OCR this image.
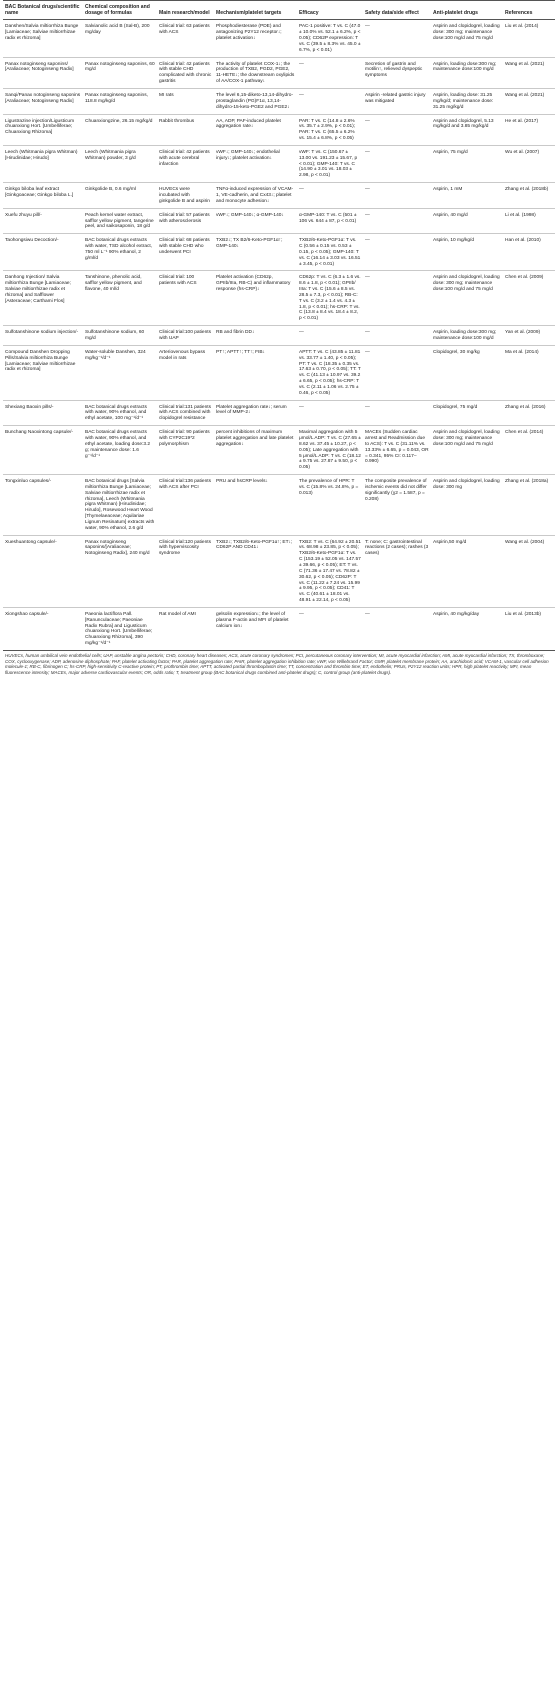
BAC Botanical drugs/scientific name	Chemical composition and dosage of formulas	Main research/model	Mechanism/platelet targets	Efficacy	Safety data/side effect	Anti-platelet drugs	References
Danshen/Salvia miltiorrhiza Bunge [Lamiaceae; Salviae miltiorrhizae radix et rhizoma]	Salvianolic acid B (Sal-B), 200 mg/day	Clinical trial: 63 patients with ACS	Phosphodiesterase (PDE) and antagonizing P2Y12 receptor↓; platelet activation↓	PAC-1 positive: T vs. C (47.0 ± 10.0% vs. 52.1 ± 6.2%, p < 0.05); CD62P expression: T vs. C (39.5 ± 8.3% vs. 45.0 ± 6.7%, p < 0.01)	—	Aspirin and clopidogrel, loading dose: 300 mg; maintenance dose:100 mg/d and 75 mg/d	Liu et al. (2014)
Panax notoginseng saponins/ [Araliaceae; Notoginseng Radix]	Panax notoginseng saponins, 60 mg/d	Clinical trial: 42 patients with stable CHD complicated with chronic gastritis	The activity of platelet COX-1↓; the production of TXB2, PGD2, PGE2, 11-HETE↓; the downstream oxylipids of AA/COX-1 pathway↓	—	Secretion of gastrin and motilin↑, relieved dyspeptic symptoms	Aspirin, loading dose:300 mg; maintenance dose:100 mg/d	Wang et al. (2021)
Sanqi/Panax notoginseng saponins [Araliaceae; Notoginseng Radix]	Panax notoginseng saponins, 118.8 mg/kg/d	MI rats	The level 6,15-diketo-13,14-dihydro-prostaglandin (PG)F1α, 13,14-dihydro-15-keto-PGE2 and PGE2↓	—	Aspirin -related gastric injury was mitigated	Aspirin, loading dose: 31.25 mg/kg/d; maintenance dose: 31.25 mg/kg/d	Wang et al. (2021)
Ligustrazine injection/Ligusticum chuanxiong Hort. [Umbelliferae; Chuanxiong Rhizoma]	Chuanxiongzine, 26.15 mg/kg/d	Rabbit thrombus	AA, ADP, PAF-induced platelet aggregation rate↓	PAR: T vs. C (14.8 ± 2.6% vs. 35.7 ± 2.9%, p < 0.01); PAR: T vs. C (65.5 ± 6.2% vs. 15.4 ± 6.8%, p < 0.05)	—	Aspirin and clopidogrel, 5.13 mg/kg/d and 3.85 mg/kg/d	He et al. (2017)
Leech (Whitmania pigra Whitman) [Hirudinidae; Hirudo]	Leech (Whitmania pigra Whitman) powder, 3 g/d	Clinical trial: 42 patients with acute cerebral infarction	vWF↓; GMP-140↓; endothelial injury↓; platelet activation↓	vWF: T vs. C (150.67 ± 13.00 vs. 191.23 ± 15.67, p < 0.01); GMP-140: T vs. C (14.90 ± 3.01 vs. 18.03 ± 2.98, p < 0.01)	—	Aspirin, 75 mg/d	Wu et al. (2007)
Ginkgo biloba leaf extract [Ginkgoaceae; Ginkgo biloba L.]	Ginkgolide B, 0.6 mg/ml	HUVECs were incubated with ginkgolide B and aspirin	TNFα-induced expression of VCAM-1, VE-cadherin, and Cx43↓; platelet and monocyte adhesion↓	—	—	Aspirin, 1 mM	Zhang et al. (2018b)
Xuefu zhuyu pill/-	Peach kernel water extract, safflor yellow pigment, tangerine peel, and saikosaponin, 18 g/d	Clinical trial: 57 patients with atherosclerosis	vWF↓; GMP-140↓; α-GMP-140↓	α-GMP-140: T vs. C (501 ± 106 vs. 644 ± 87, p < 0.01)	—	Aspirin, 40 mg/d	Li et al. (1998)
Taohongsiwu Decoction/-	BAC botanical drugs extracts with water, TSD alcohol extract, 750 ml L⁻¹ 90% ethanol, 2 g/ml/d	Clinical trial: 68 patients with stable CHD who underwent PCI	TXB2↓; TX B2/6-Keto-PGF1α↑; GMP-140↓	TXB2/6-Keto-PGF1α: T vs. C (0.56 ± 0.15 vs. 0.53 ± 0.15, p < 0.05); GMP-140: T vs. C (16.14 ± 3.03 vs. 16.51 ± 3.45, p < 0.01)	—	Aspirin, 10 mg/kg/d	Han et al. (2010)
Danhong Injection/ Salvia miltiorrhiza Bunge [Lamiaceae; Salviae miltiorrhizae radix et rhizoma] and Safflower [Asteraceae; Carthami Flos]	Tanshinone, phenolic acid, safflor yellow pigment, and flavone, 40 ml/d	Clinical trial: 100 patients with ACS	Platelet activation (CD62p, GPIIb/IIIa, RB-C) and inflammatory response (hs-CRP)↓	CD62p: T vs. C (6.3 ± 1.6 vs. 8.6 ± 1.8, p < 0.01); GPIIb/ IIIa: T vs. C (15.6 ± 8.5 vs. 28.5 ± 7.3, p < 0.01); RB-C: T vs. C (3.2 ± 1.4 vs. 4.3 ± 1.8, p < 0.01); hs-CRP: T vs. C (13.8 ± 8.4 vs. 18.4 ± 8.2, p < 0.01)	—	Aspirin and clopidogrel, loading dose: 300 mg; maintenance dose:100 mg/d and 75 mg/d	Chen et al. (2009)
Sulfotanshinone sodium injection/-	Sulfotanshinone sodium, 60 mg/d	Clinical trial:100 patients with UAP	RB and fibrin DD↓	—	—	Aspirin, loading dose:300 mg; maintenance dose:100 mg/d	Yan et al. (2009)
Compound Danshen Dropping Pills/Salvia miltiorrhiza Bunge [Lamiaceae; Salviae miltiorrhizae radix et rhizoma]	Water-soluble Danshen, 324 mg/kg⁻¹/d⁻¹	Arteriovenous bypass model in rats	PT↑; APTT↑; TT↑; FIB↓	APTT: T vs. C (43.85 ± 11.81 vs. 33.77 ± 1.40, p < 0.05); PT: T vs. C (18.35 ± 0.35 vs. 17.63 ± 0.70, p < 0.05); TT: T vs. C (41.13 ± 10.97 vs. 39.2 ± 6.65, p < 0.05); hs-CRP: T vs. C (2.11 ± 1.06 vs. 2.75 ± 0.46, p < 0.05)	—	Clopidogrel, 30 mg/kg	Ma et al. (2014)
Shexiang Baoxin pills/-	BAC botanical drugs extracts with water, 90% ethanol, and ethyl acetate, 100 mg⁻¹/d⁻¹	Clinical trial:131 patients with ACS combined with clopidogrel resistance	Platelet aggregation rate↓; serum level of MMP-2↓	—	—	Clopidogrel, 75 mg/d	Zhang et al. (2016)
Bunchang Naoxintong capsule/-	BAC botanical drugs extracts with water, 90% ethanol, and ethyl acetate, loading dose:3.2 g; maintenance dose: 1.6 g⁻¹/d⁻¹	Clinical trial: 90 patients with CYP2C19*2 polymorphism	percent inhibitions of maximum platelet aggregation and late platelet aggregation↓	Maximal aggregation with 5 μmol/L ADP: T vs. C (27.65 ± 8.62 vs. 37.45 ± 10.27, p < 0.05); Late aggregation with 5 μmol/L ADP: T vs. C (18.12 ± 9.75 vs. 27.87 ± 9.50, p < 0.05)	MACEs (Sudden cardiac arrest and Readmission due to ACS): T vs. C (31.11% vs. 13.33% ± 6.65, p = 0.043, OR = 0.341, 95% CI: 0.117–0.990)	Aspirin and clopidogrel, loading dose: 300 mg; maintenance dose:100 mg/d and 75 mg/d	Chen et al. (2014)
Tongxinluo capsules/-	BAC botanical drugs [Salvia miltiorrhiza Bunge [Lamiaceae; Salviae miltiorrhizae radix et rhizoma], Leech (Whitmania pigra Whitman) [Hirudinidae; Hirudo], Rosewood Heart Wood [Thymelaeaceae; Aquilariae Lignum Resinatum] extracts with water, 90% ethanol, 2.6 g/d	Clinical trial:136 patients with ACS after PCI	PRU and hsCRP levels↓	The prevalence of HPR: T vs. C (15.8% vs. 24.8%, p = 0.013)	The composite prevalence of ischemic events did not differ significantly (χ2 = 1.587, p = 0.208)	Aspirin and clopidogrel, loading dose: 300 mg	Zhang et al. (2018a)
Xueshuantong capsule/-	Panax notoginseng saponins/[Araliaceae; Notoginseng Radix], 240 mg/d	Clinical trial:120 patients with hyperviscosity syndrome	TXB2↓; TXB2/6-Keto-PGF1α↑; ET↓; CD62P AND CD41↓	TXB2: T vs. C (64.92 ± 20.51 vs. 68.98 ± 23.85, p < 0.05); TXB2/6-Keto-PGF1α: T vs. C (153.19 ± 52.05 vs. 147.57 ± 39.66, p < 0.05); ET: T vs. C (71.36 ± 17.47 vs. 78.82 ± 30.62, p < 0.05); CD62P: T vs. C (11.22 ± 7.24 vs. 15.99 ± 9.95, p < 0.05); CD41: T vs. C (40.61 ± 18.01 vs. 48.91 ± 22.14, p < 0.05)	T: none; C: gastrointestinal reactions (2 cases); rashes (3 cases)	Aspirin,50 mg/d	Wang et al. (2004)
Xiongshao capsule/-	Paeonia lactiflora Pall. [Ranunculaceae; Paeoniae Radix Rubra] and Ligusticum chuanxiong Hort. [Umbelliferae; Chuanxiong Rhizoma], 390 mg/kg⁻¹/d⁻¹	Rat model of AMI	gelsolin expression↓; the level of plasma F-actin and MFI of platelet calcium ion↓	—	—	Aspirin, 40 mg/kg/day	Liu et al. (2013b)
HUVECs, human umbilical vein endothelial cells; UAP, unstable angina pectoris; CHD, coronary heart diseases; ACS, acute coronary syndromes; PCI, percutaneous coronary intervention; MI, acute myocardial infarction; AMI, acute myocardial infarction; TX, thromboxane; COX, cyclooxygenase; ADP, adenosine diphosphate; PAF, platelet activating factor; PAR, platelet aggregation rate; PAIR, platelet aggregation inhibition rate; vWF, von Willebrand Factor; GMP, platelet membrane protein; AA, arachidonic acid; VCAM-1, vascular cell adhesion molecule-1; RB-C, fibrinogen C; hs-CRP, high-sensitivity C-reactive protein; PT, prothrombin time; APTT, activated partial thromboplastin time; TT, concentration and thrombin time; ET, endothelin; PRUs, P2Y12 reaction units; HPR, high platelet reactivity; MFI, mean fluorescence intensity; MACEs, major adverse cardiovascular events; OR, odds ratio; T, treatment group (BAC botanical drugs combined anti-platelet drugs); C, control group (anti-platelet drugs).
